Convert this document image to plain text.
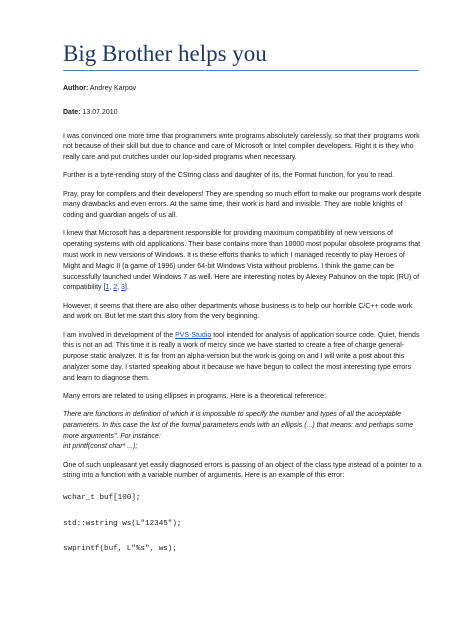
Big Brother helps you
Author: Andrey Karpov
Date: 13.07.2010

I was convinced one more time that programmers write programs absolutely carelessly, so that their programs work not because of their skill but due to chance and care of Microsoft or Intel compiler developers. Right it is they who really care and put crutches under our lop-sided programs when necessary.

Further is a byte-rending story of the CString class and daughter of its, the Format function, for you to read.

Pray, pray for compilers and their developers! They are spending so much effort to make our programs work despite many drawbacks and even errors. At the same time, their work is hard and invisible. They are noble knights of coding and guardian angels of us all.

I knew that Microsoft has a department responsible for providing maximum compatibility of new versions of operating systems with old applications. Their base contains more than 10000 most popular obsolete programs that must work in new versions of Windows. It is these efforts thanks to which I managed recently to play Heroes of Might and Magic II (a game of 1996) under 64-bit Windows Vista without problems. I think the game can be successfully launched under Windows 7 as well. Here are interesting notes by Alexey Pahunov on the topic (RU) of compatibility [1, 2, 3].

However, it seems that there are also other departments whose business is to help our horrible C/C++ code work and work on. But let me start this story from the very beginning.

I am involved in development of the PVS-Studio tool intended for analysis of application source code. Quiet, friends this is not an ad. This time it is really a work of mercy since we have started to create a free of charge general-purpose static analyzer. It is far from an alpha-version but the work is going on and I will write a post about this analyzer some day. I started speaking about it because we have begun to collect the most interesting type errors and learn to diagnose them.

Many errors are related to using ellipses in programs. Here is a theoretical reference:

There are functions in definition of which it is impossible to specify the number and types of all the acceptable parameters. In this case the list of the formal parameters ends with an ellipsis (...) that means: and perhaps some more arguments". For instance:
int printf(const char* ...);

One of such unpleasant yet easily diagnosed errors is passing of an object of the class type instead of a pointer to a string into a function with a variable number of arguments. Here is an example of this error:

wchar_t buf[100];
std::wstring ws(L"12345");
swprintf(buf, L"%s", ws);
